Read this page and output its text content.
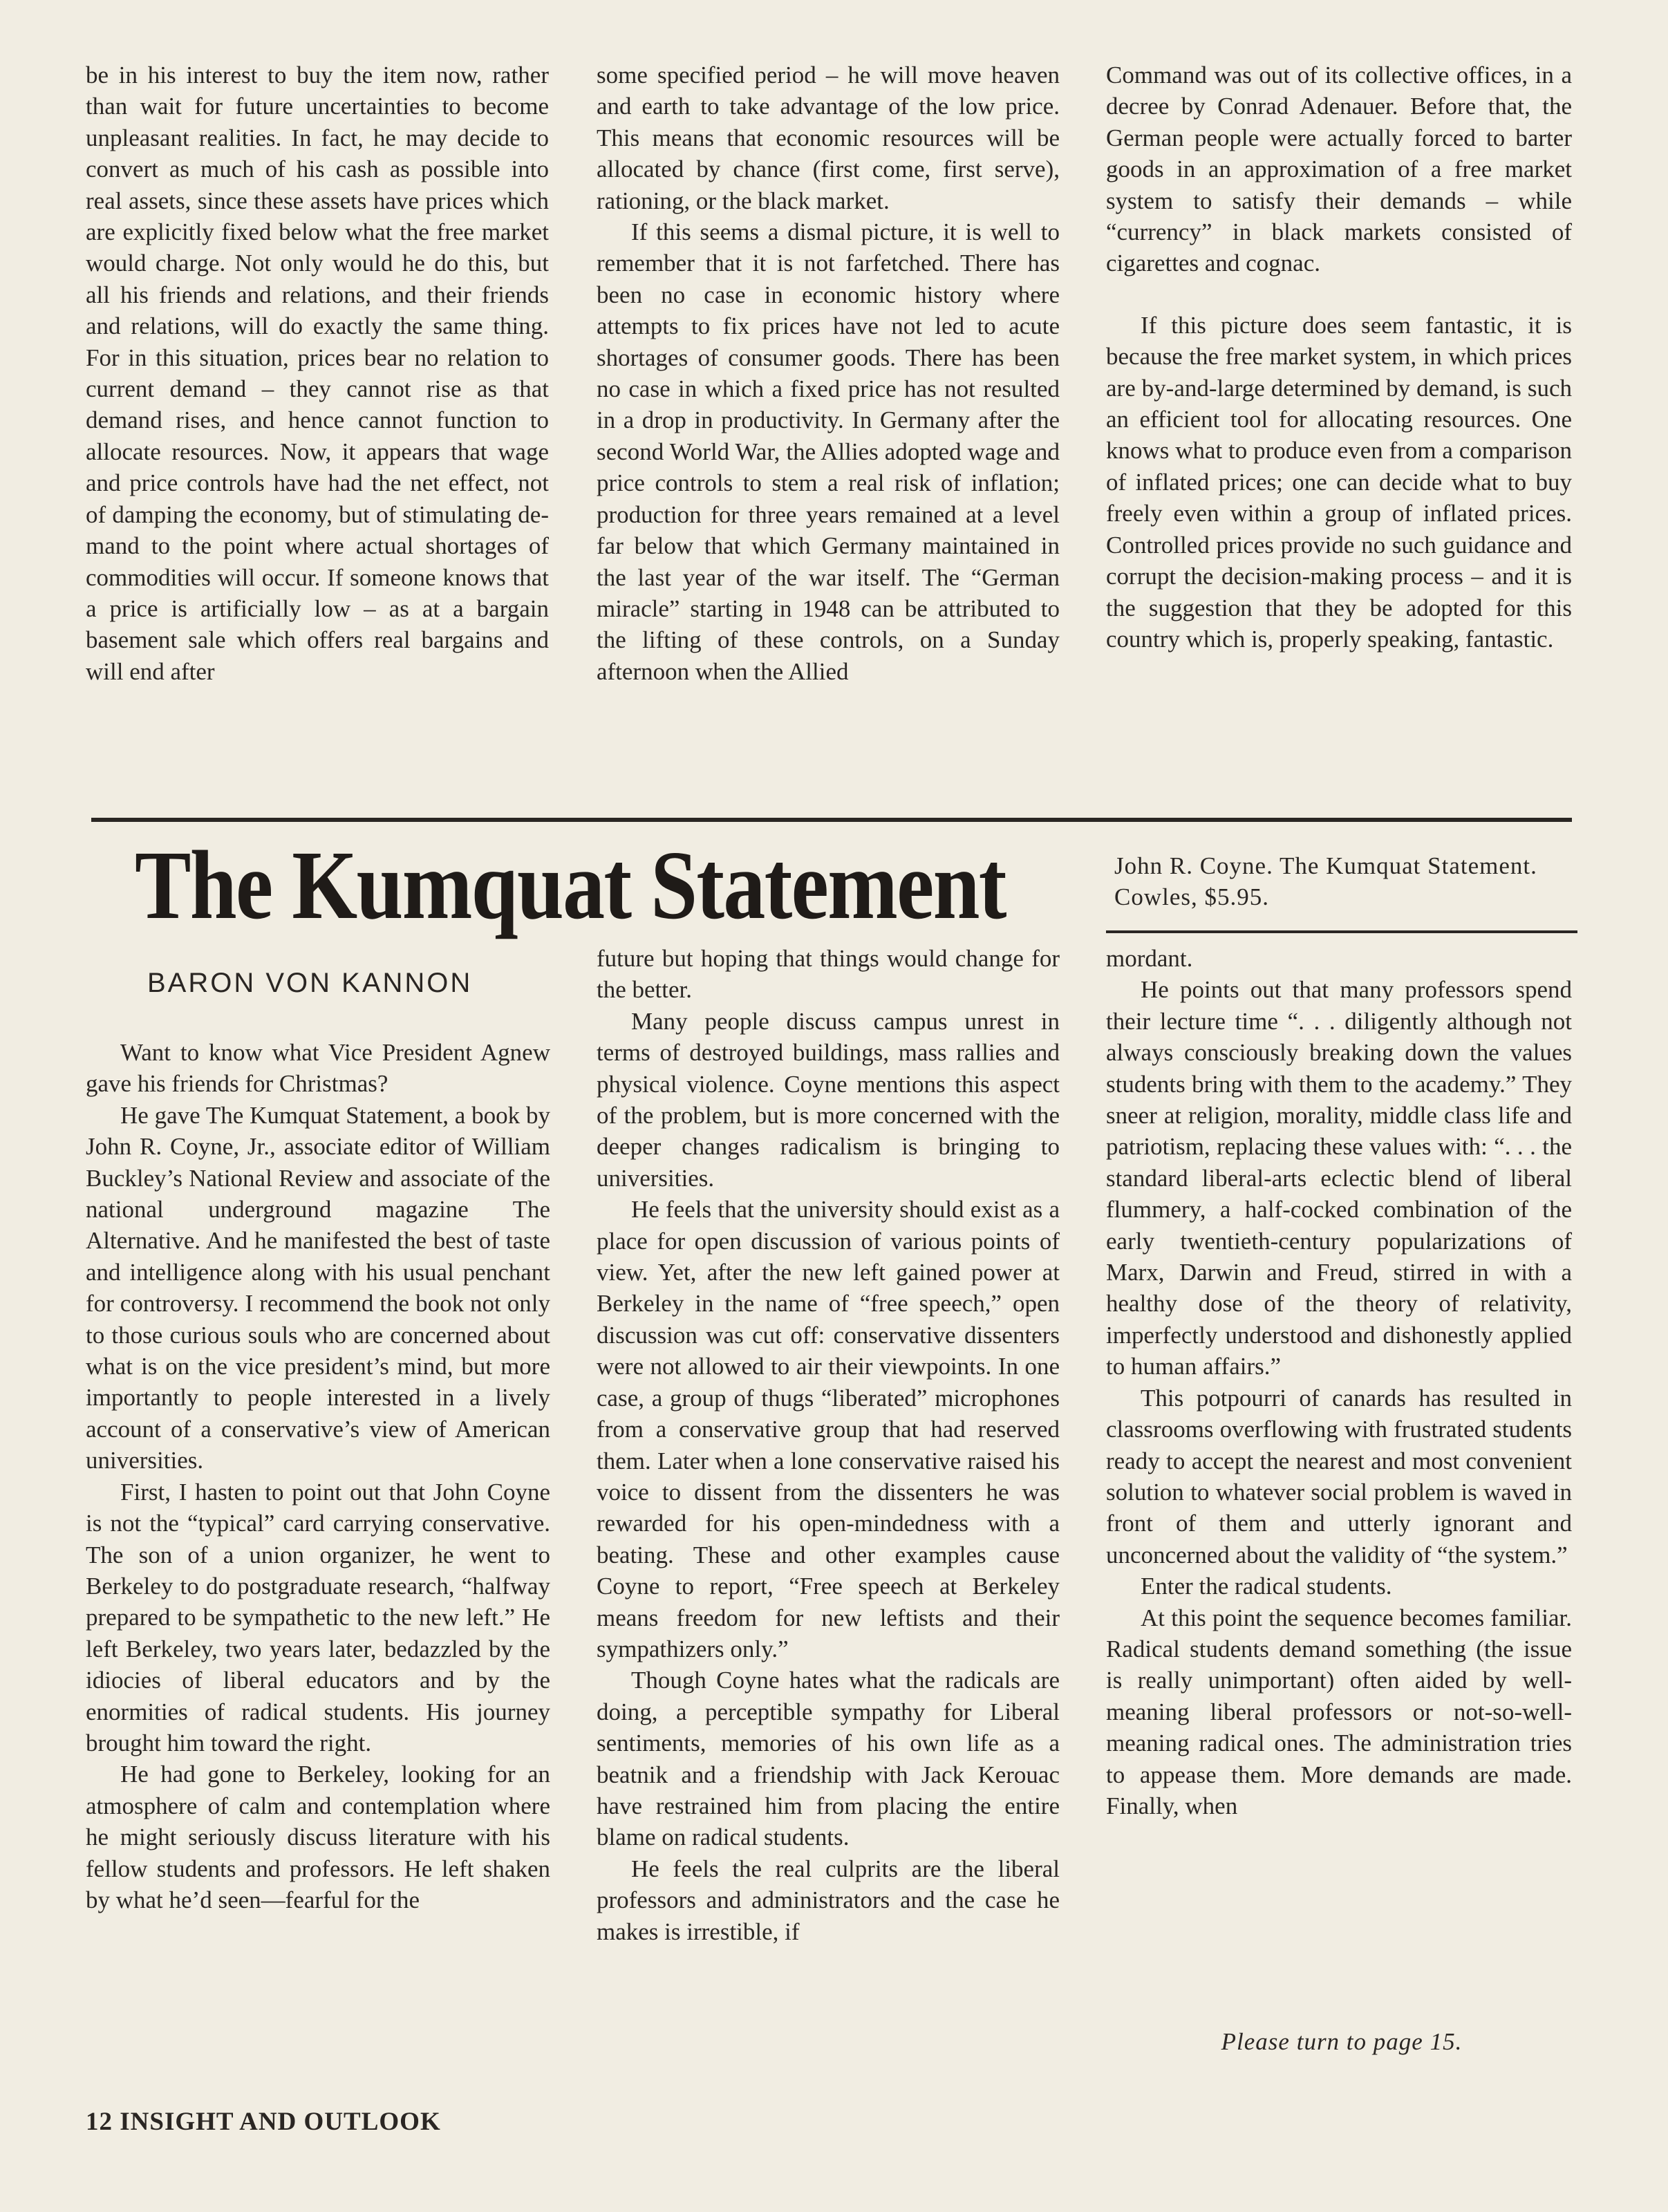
be in his interest to buy the item now, rather than wait for future uncertainties to become unpleasant realities. In fact, he may decide to convert as much of his cash as possible into real assets, since these assets have prices which are explicitly fixed below what the free market would charge. Not only would he do this, but all his friends and relations, and their friends and relations, will do exactly the same thing. For in this situation, prices bear no relation to current demand – they cannot rise as that demand rises, and hence cannot function to allocate resources. Now, it appears that wage and price controls have had the net effect, not of damping the economy, but of stimulating demand to the point where actual shortages of commodities will occur. If someone knows that a price is artificially low – as at a bargain basement sale which offers real bargains and will end after

some specified period – he will move heaven and earth to take advantage of the low price. This means that economic resources will be allocated by chance (first come, first serve), rationing, or the black market.

If this seems a dismal picture, it is well to remember that it is not farfetched. There has been no case in economic history where attempts to fix prices have not led to acute shortages of consumer goods. There has been no case in which a fixed price has not resulted in a drop in productivity. In Germany after the second World War, the Allies adopted wage and price controls to stem a real risk of inflation; production for three years remained at a level far below that which Germany maintained in the last year of the war itself. The “German miracle” starting in 1948 can be attributed to the lifting of these controls, on a Sunday afternoon when the Allied

Command was out of its collective offices, in a decree by Conrad Adenauer. Before that, the German people were actually forced to barter goods in an approximation of a free market system to satisfy their demands – while “currency” in black markets consisted of cigarettes and cognac.

If this picture does seem fantastic, it is because the free market system, in which prices are by-and-large determined by demand, is such an efficient tool for allocating resources. One knows what to produce even from a comparison of inflated prices; one can decide what to buy freely even within a group of inflated prices. Controlled prices provide no such guidance and corrupt the decision-making process – and it is the suggestion that they be adopted for this country which is, properly speaking, fantastic.

The Kumquat Statement	John R. Coyne. The Kumquat Statement. Cowles, $5.95.
BARON VON KANNON

Want to know what Vice President Agnew gave his friends for Christmas?

He gave The Kumquat Statement, a book by John R. Coyne, Jr., associate editor of William Buckley’s National Review and associate of the national underground magazine The Alternative. And he manifested the best of taste and intelligence along with his usual penchant for controversy. I recommend the book not only to those curious souls who are concerned about what is on the vice president’s mind, but more importantly to people interested in a lively account of a conservative’s view of American universities.

First, I hasten to point out that John Coyne is not the “typical” card carrying conservative. The son of a union organizer, he went to Berkeley to do postgraduate research, “halfway prepared to be sympathetic to the new left.” He left Berkeley, two years later, bedazzled by the idiocies of liberal educators and by the enormities of radical students. His journey brought him toward the right.

He had gone to Berkeley, looking for an atmosphere of calm and contemplation where he might seriously discuss literature with his fellow students and professors. He left shaken by what he’d seen—fearful for the

future but hoping that things would change for the better.

Many people discuss campus unrest in terms of destroyed buildings, mass rallies and physical violence. Coyne mentions this aspect of the problem, but is more concerned with the deeper changes radicalism is bringing to universities.

He feels that the university should exist as a place for open discussion of various points of view. Yet, after the new left gained power at Berkeley in the name of “free speech,” open discussion was cut off: conservative dissenters were not allowed to air their viewpoints. In one case, a group of thugs “liberated” microphones from a conservative group that had reserved them. Later when a lone conservative raised his voice to dissent from the dissenters he was rewarded for his open-mindedness with a beating. These and other examples cause Coyne to report, “Free speech at Berkeley means freedom for new leftists and their sympathizers only.”

Though Coyne hates what the radicals are doing, a perceptible sympathy for Liberal sentiments, memories of his own life as a beatnik and a friendship with Jack Kerouac have restrained him from placing the entire blame on radical students.

He feels the real culprits are the liberal professors and administrators and the case he makes is irrestible, if

mordant.

He points out that many professors spend their lecture time “. . . diligently although not always consciously breaking down the values students bring with them to the academy.” They sneer at religion, morality, middle class life and patriotism, replacing these values with: “. . . the standard liberal-arts eclectic blend of liberal flummery, a half-cocked combination of the early twentieth-century popularizations of Marx, Darwin and Freud, stirred in with a healthy dose of the theory of relativity, imperfectly understood and dishonestly applied to human affairs.”

This potpourri of canards has resulted in classrooms overflowing with frustrated students ready to accept the nearest and most convenient solution to whatever social problem is waved in front of them and utterly ignorant and unconcerned about the validity of “the system.”

Enter the radical students.

At this point the sequence becomes familiar. Radical students demand something (the issue is really unimportant) often aided by well-meaning liberal professors or not-so-well-meaning radical ones. The administration tries to appease them. More demands are made. Finally, when

Please turn to page 15.
12 INSIGHT AND OUTLOOK
